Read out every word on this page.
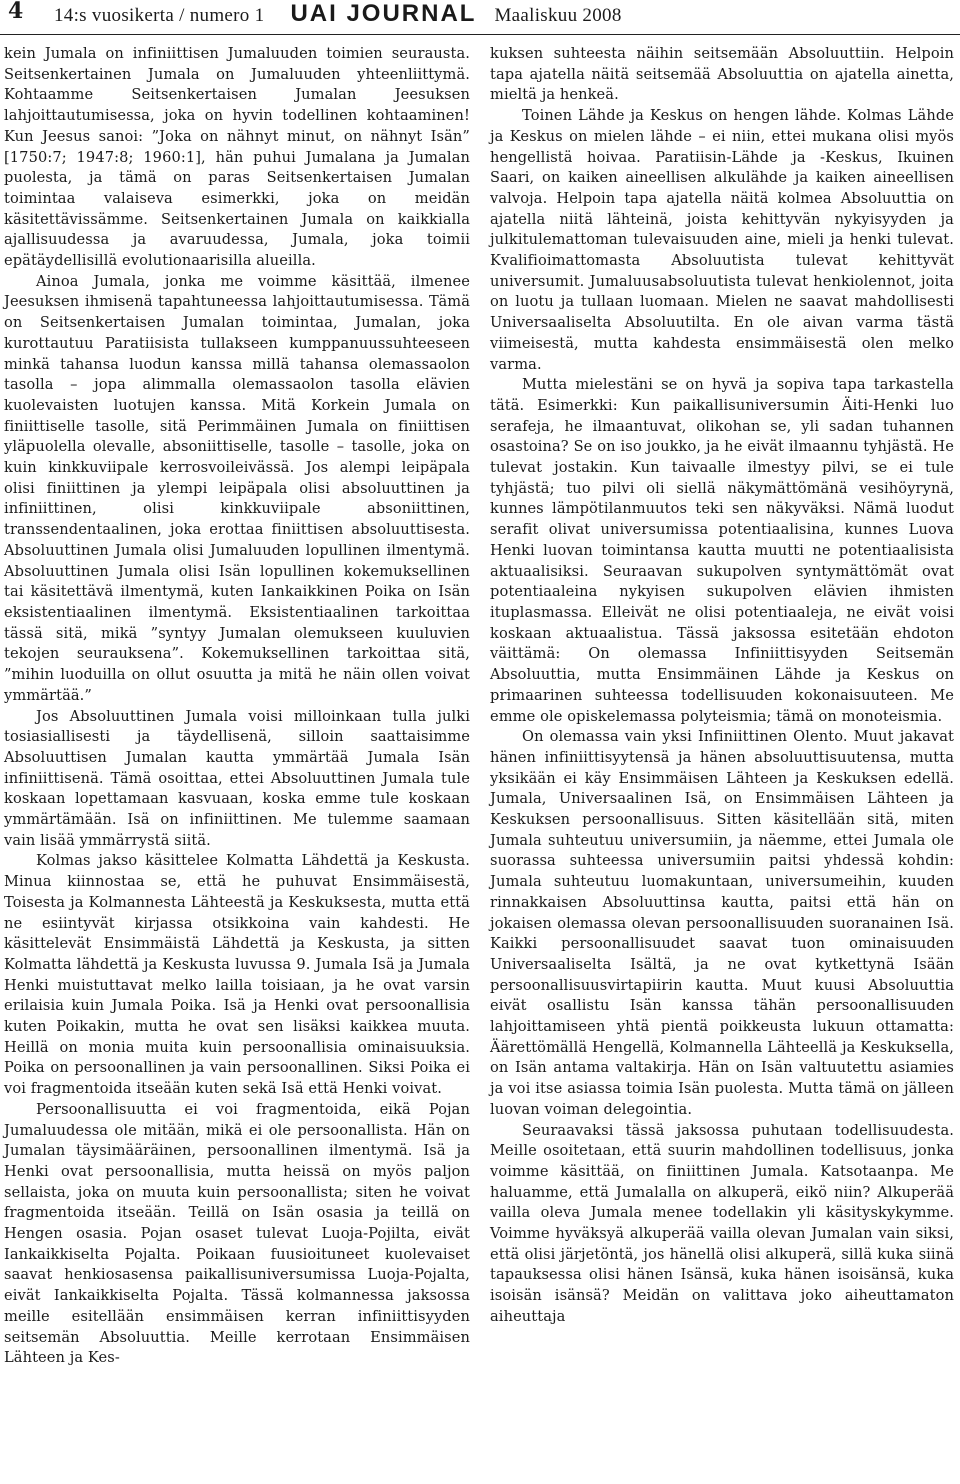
4 14:s vuosikerta / numero 1 UAI JOURNAL Maaliskuu 2008

kein Jumala on infiniittisen Jumaluuden toimien seurausta. Seitsenkertainen Jumala on Jumaluuden yhteenliittymä. Kohtaamme Seitsenkertaisen Jumalan Jeesuksen lahjoittautumisessa, joka on hyvin todellinen kohtaaminen! Kun Jeesus sanoi: ”Joka on nähnyt minut, on nähnyt Isän” [1750:7; 1947:8; 1960:1], hän puhui Jumalana ja Jumalan puolesta, ja tämä on paras Seitsenkertaisen Jumalan toimintaa valaiseva esimerkki, joka on meidän käsitettävissämme. Seitsenkertainen Jumala on kaikkialla ajallisuudessa ja avaruudessa, Jumala, joka toimii epätäydellisillä evolutionaarisilla alueilla.

Ainoa Jumala, jonka me voimme käsittää, ilmenee Jeesuksen ihmisenä tapahtuneessa lahjoittautumisessa. Tämä on Seitsenkertaisen Jumalan toimintaa, Jumalan, joka kurottautuu Paratiisista tullakseen kumppanuussuhteeseen minkä tahansa luodun kanssa millä tahansa olemassaolon tasolla – jopa alimmalla olemassaolon tasolla elävien kuolevaisten luotujen kanssa. Mitä Korkein Jumala on finiittiselle tasolle, sitä Perimmäinen Jumala on finiittisen yläpuolella olevalle, absoniittiselle, tasolle – tasolle, joka on kuin kinkkuviipale kerrosvoileivässä. Jos alempi leipäpala olisi finiittinen ja ylempi leipäpala olisi absoluuttinen ja infiniittinen, olisi kinkkuviipale absoniittinen, transsendentaalinen, joka erottaa finiittisen absoluuttisesta. Absoluuttinen Jumala olisi Jumaluuden lopullinen ilmentymä. Absoluuttinen Jumala olisi Isän lopullinen kokemuksellinen tai käsitettävä ilmentymä, kuten Iankaikkinen Poika on Isän eksistentiaalinen ilmentymä. Eksistentiaalinen tarkoittaa tässä sitä, mikä ”syntyy Jumalan olemukseen kuuluvien tekojen seurauksena”. Kokemuksellinen tarkoittaa sitä, ”mihin luoduilla on ollut osuutta ja mitä he näin ollen voivat ymmärtää.”

Jos Absoluuttinen Jumala voisi milloinkaan tulla julki tosiasiallisesti ja täydellisenä, silloin saattaisimme Absoluuttisen Jumalan kautta ymmärtää Jumala Isän infiniittisenä. Tämä osoittaa, ettei Absoluuttinen Jumala tule koskaan lopettamaan kasvuaan, koska emme tule koskaan ymmärtämään. Isä on infiniittinen. Me tulemme saamaan vain lisää ymmärrystä siitä.

Kolmas jakso käsittelee Kolmatta Lähdettä ja Keskusta. Minua kiinnostaa se, että he puhuvat Ensimmäisestä, Toisesta ja Kolmannesta Lähteestä ja Keskuksesta, mutta että ne esiintyvät kirjassa otsikkoina vain kahdesti. He käsittelevät Ensimmäistä Lähdettä ja Keskusta, ja sitten Kolmatta lähdettä ja Keskusta luvussa 9. Jumala Isä ja Jumala Henki muistuttavat melko lailla toisiaan, ja he ovat varsin erilaisia kuin Jumala Poika. Isä ja Henki ovat persoonallisia kuten Poikakin, mutta he ovat sen lisäksi kaikkea muuta. Heillä on monia muita kuin persoonallisia ominaisuuksia. Poika on persoonallinen ja vain persoonallinen. Siksi Poika ei voi fragmentoida itseään kuten sekä Isä että Henki voivat.

Persoonallisuutta ei voi fragmentoida, eikä Pojan Jumaluudessa ole mitään, mikä ei ole persoonallista. Hän on Jumalan täysimääräinen, persoonallinen ilmentymä. Isä ja Henki ovat persoonallisia, mutta heissä on myös paljon sellaista, joka on muuta kuin persoonallista; siten he voivat fragmentoida itseään. Teillä on Isän osasia ja teillä on Hengen osasia. Pojan osaset tulevat Luoja-Pojilta, eivät Iankaikkiselta Pojalta. Poikaan fuusioituneet kuolevaiset saavat henkiosasensa paikallisuniversumissa Luoja-Pojalta, eivät Iankaikkiselta Pojalta. Tässä kolmannessa jaksossa meille esitellään ensimmäisen kerran infiniittisyyden seitsemän Absoluuttia. Meille kerrotaan Ensimmäisen Lähteen ja Kes-

kuksen suhteesta näihin seitsemään Absoluuttiin. Helpoin tapa ajatella näitä seitsemää Absoluuttia on ajatella ainetta, mieltä ja henkeä.

Toinen Lähde ja Keskus on hengen lähde. Kolmas Lähde ja Keskus on mielen lähde – ei niin, ettei mukana olisi myös hengellistä hoivaa. Paratiisin-Lähde ja -Keskus, Ikuinen Saari, on kaiken aineellisen alkulähde ja kaiken aineellisen valvoja. Helpoin tapa ajatella näitä kolmea Absoluuttia on ajatella niitä lähteinä, joista kehittyvän nykyisyyden ja julkitulemattoman tulevaisuuden aine, mieli ja henki tulevat. Kvalifioimattomasta Absoluutista tulevat kehittyvät universumit. Jumaluusabsoluutista tulevat henkiolennot, joita on luotu ja tullaan luomaan. Mielen ne saavat mahdollisesti Universaaliselta Absoluutilta. En ole aivan varma tästä viimeisestä, mutta kahdesta ensimmäisestä olen melko varma.

Mutta mielestäni se on hyvä ja sopiva tapa tarkastella tätä. Esimerkki: Kun paikallisuniversumin Äiti-Henki luo serafeja, he ilmaantuvat, olikohan se, yli sadan tuhannen osastoina? Se on iso joukko, ja he eivät ilmaannu tyhjästä. He tulevat jostakin. Kun taivaalle ilmestyy pilvi, se ei tule tyhjästä; tuo pilvi oli siellä näkymättömänä vesihöyrynä, kunnes lämpötilanmuutos teki sen näkyväksi. Nämä luodut serafit olivat universumissa potentiaalisina, kunnes Luova Henki luovan toimintansa kautta muutti ne potentiaalisista aktuaalisiksi. Seuraavan sukupolven syntymättömät ovat potentiaaleina nykyisen sukupolven elävien ihmisten ituplasmassa. Elleivät ne olisi potentiaaleja, ne eivät voisi koskaan aktuaalistua. Tässä jaksossa esitetään ehdoton väittämä: On olemassa Infiniittisyyden Seitsemän Absoluuttia, mutta Ensimmäinen Lähde ja Keskus on primaarinen suhteessa todellisuuden kokonaisuuteen. Me emme ole opiskelemassa polyteismia; tämä on monoteismia.

On olemassa vain yksi Infiniittinen Olento. Muut jakavat hänen infiniittisyytensä ja hänen absoluuttisuutensa, mutta yksikään ei käy Ensimmäisen Lähteen ja Keskuksen edellä. Jumala, Universaalinen Isä, on Ensimmäisen Lähteen ja Keskuksen persoonallisuus. Sitten käsitellään sitä, miten Jumala suhteutuu universumiin, ja näemme, ettei Jumala ole suorassa suhteessa universumiin paitsi yhdessä kohdin: Jumala suhteutuu luomakuntaan, universumeihin, kuuden rinnakkaisen Absoluuttinsa kautta, paitsi että hän on jokaisen olemassa olevan persoonallisuuden suoranainen Isä. Kaikki persoonallisuudet saavat tuon ominaisuuden Universaaliselta Isältä, ja ne ovat kytkettynä Isään persoonallisuusvirtapiirin kautta. Muut kuusi Absoluuttia eivät osallistu Isän kanssa tähän persoonallisuuden lahjoittamiseen yhtä pientä poikkeusta lukuun ottamatta: Äärettömällä Hengellä, Kolmannella Lähteellä ja Keskuksella, on Isän antama valtakirja. Hän on Isän valtuutettu asiamies ja voi itse asiassa toimia Isän puolesta. Mutta tämä on jälleen luovan voiman delegointia.

Seuraavaksi tässä jaksossa puhutaan todellisuudesta. Meille osoitetaan, että suurin mahdollinen todellisuus, jonka voimme käsittää, on finiittinen Jumala. Katsotaanpa. Me haluamme, että Jumalalla on alkuperä, eikö niin? Alkuperää vailla oleva Jumala menee todellakin yli käsityskykymme. Voimme hyväksyä alkuperää vailla olevan Jumalan vain siksi, että olisi järjetöntä, jos hänellä olisi alkuperä, sillä kuka siinä tapauksessa olisi hänen Isänsä, kuka hänen isoisänsä, kuka isoisän isänsä? Meidän on valittava joko aiheuttamaton aiheuttaja
